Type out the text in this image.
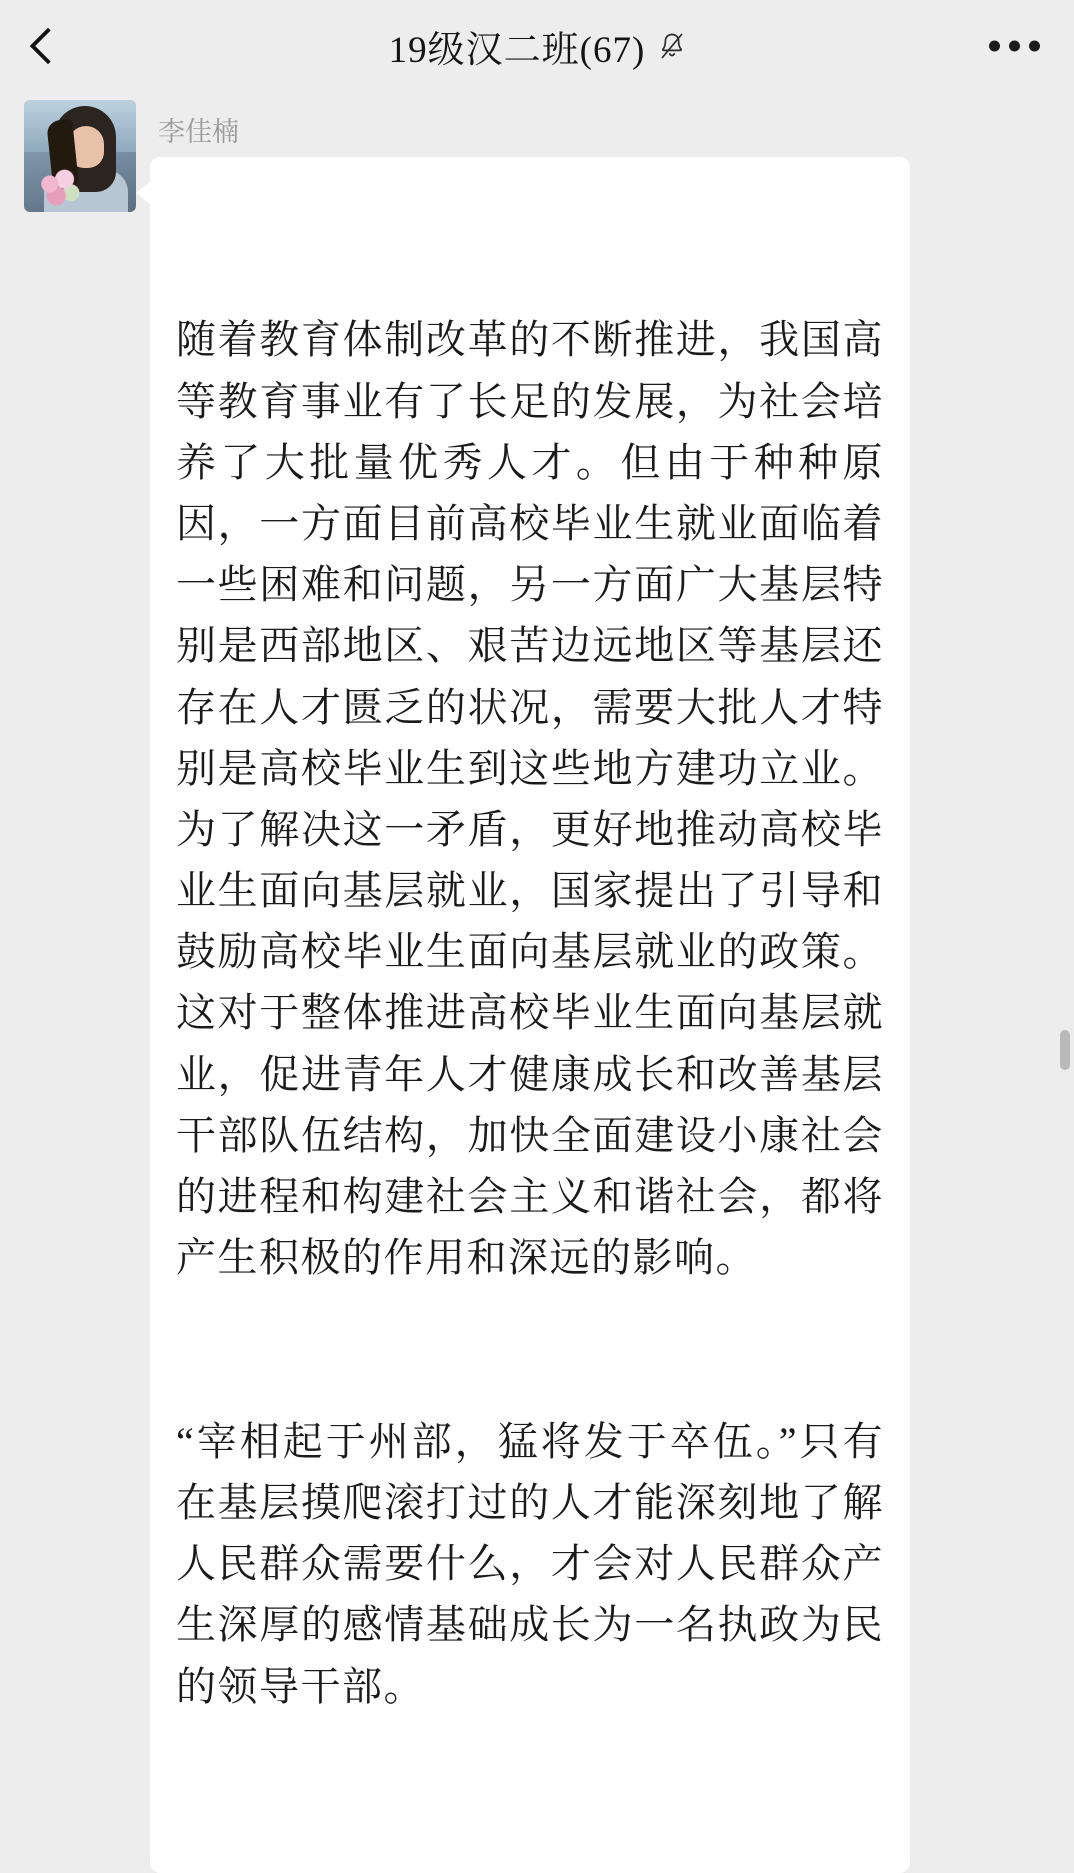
19级汉二班(67)
李佳楠

随着教育体制改革的不断推进，我国高等教育事业有了长足的发展，为社会培养了大批量优秀人才。但由于种种原因，一方面目前高校毕业生就业面临着一些困难和问题，另一方面广大基层特别是西部地区、艰苦边远地区等基层还存在人才匮乏的状况，需要大批人才特别是高校毕业生到这些地方建功立业。为了解决这一矛盾，更好地推动高校毕业生面向基层就业，国家提出了引导和鼓励高校毕业生面向基层就业的政策。这对于整体推进高校毕业生面向基层就业，促进青年人才健康成长和改善基层干部队伍结构，加快全面建设小康社会的进程和构建社会主义和谐社会，都将产生积极的作用和深远的影响。

“宰相起于州部，猛将发于卒伍。”只有在基层摸爬滚打过的人才能深刻地了解人民群众需要什么，才会对人民群众产生深厚的感情基础成长为一名执政为民的领导干部。
